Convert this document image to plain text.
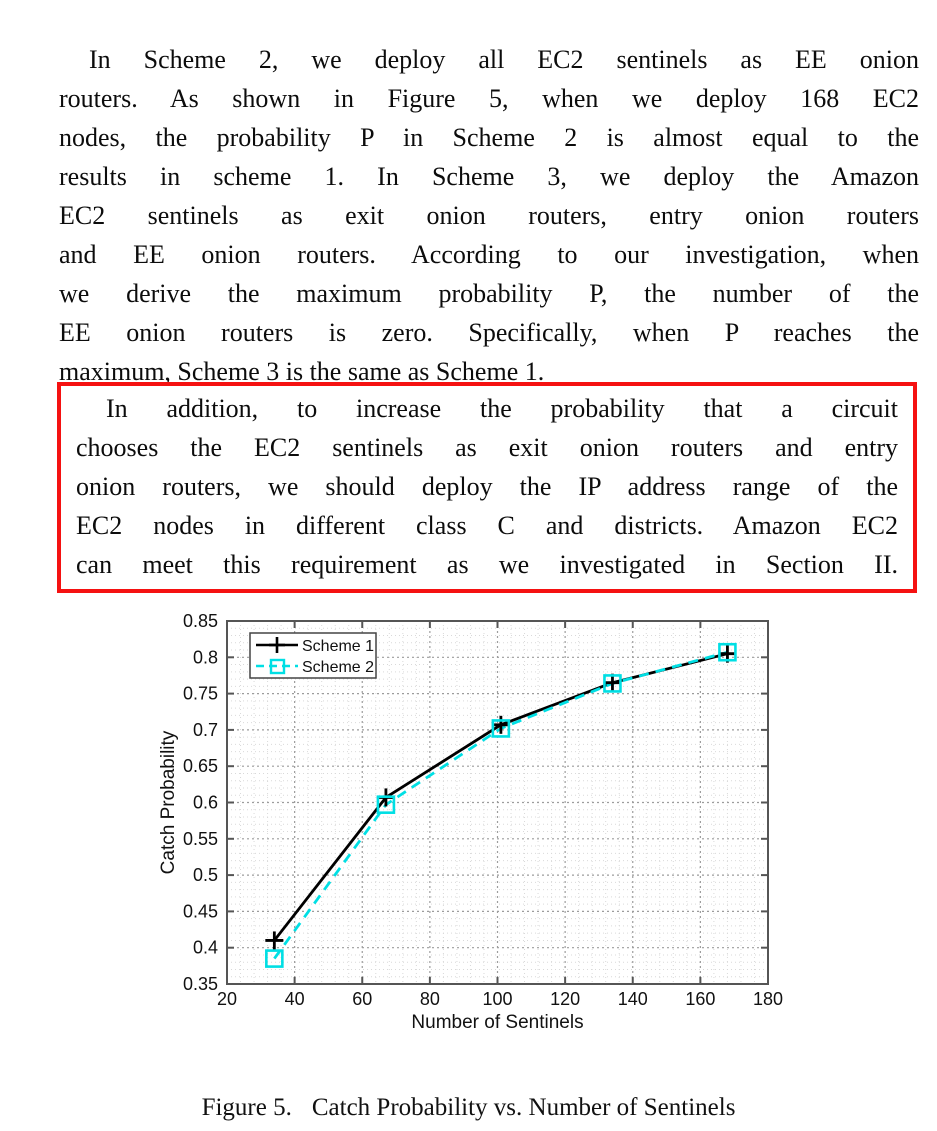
In Scheme 2, we deploy all EC2 sentinels as EE onion
routers. As shown in Figure 5, when we deploy 168 EC2
nodes, the probability P in Scheme 2 is almost equal to the
results in scheme 1. In Scheme 3, we deploy the Amazon
EC2 sentinels as exit onion routers, entry onion routers
and EE onion routers. According to our investigation, when
we derive the maximum probability P, the number of the
EE onion routers is zero. Specifically, when P reaches the
maximum, Scheme 3 is the same as Scheme 1.
In addition, to increase the probability that a circuit
chooses the EC2 sentinels as exit onion routers and entry
onion routers, we should deploy the IP address range of the
EC2 nodes in different class C and districts. Amazon EC2
can meet this requirement as we investigated in Section II.
20	40	60	80 100 120 140 160 180
0.35
0.4
0.45
0.5
0.55
0.6
0.65
0.7
0.75
0.8
0.85
Number of Sentinels
Catch Probability
Scheme 1
Scheme 2
Figure 5. Catch Probability vs. Number of Sentinels
